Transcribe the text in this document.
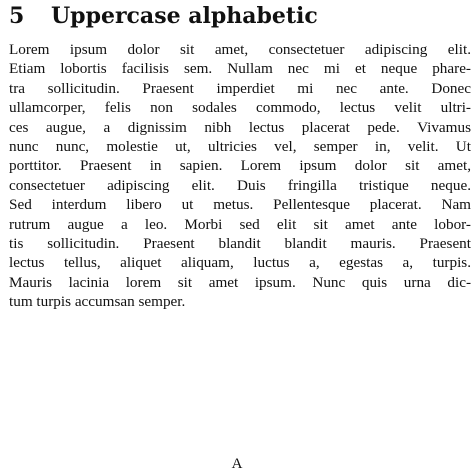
5 Uppercase alphabetic
Lorem ipsum dolor sit amet, consectetuer adipiscing elit.
Etiam lobortis facilisis sem. Nullam nec mi et neque phare-
tra sollicitudin. Praesent imperdiet mi nec ante. Donec
ullamcorper, felis non sodales commodo, lectus velit ultri-
ces augue, a dignissim nibh lectus placerat pede. Vivamus
nunc nunc, molestie ut, ultricies vel, semper in, velit. Ut
porttitor. Praesent in sapien. Lorem ipsum dolor sit amet,
consectetuer adipiscing elit. Duis fringilla tristique neque.
Sed interdum libero ut metus. Pellentesque placerat. Nam
rutrum augue a leo. Morbi sed elit sit amet ante lobor-
tis sollicitudin. Praesent blandit blandit mauris. Praesent
lectus tellus, aliquet aliquam, luctus a, egestas a, turpis.
Mauris lacinia lorem sit amet ipsum. Nunc quis urna dic-
tum turpis accumsan semper.
A
